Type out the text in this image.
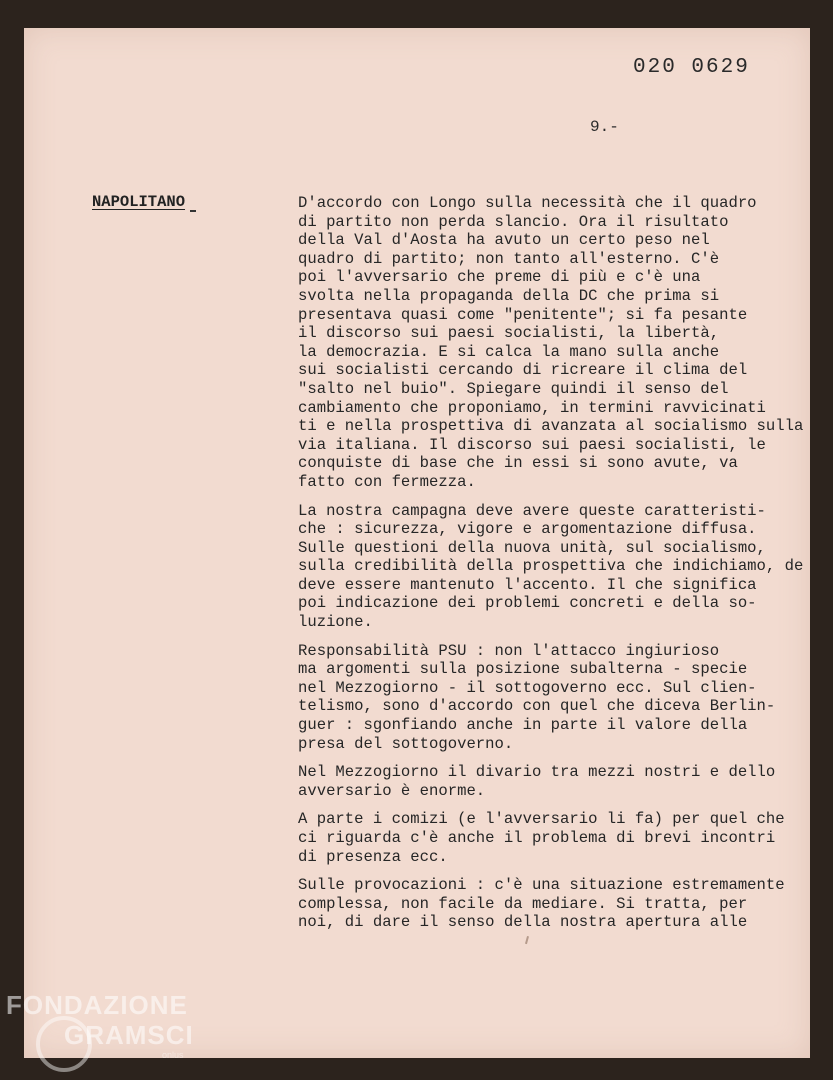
020 0629
9.-
NAPOLITANO	D'accordo con Longo sulla necessità che il quadro
di partito non perda slancio. Ora il risultato
della Val d'Aosta ha avuto un certo peso nel
quadro di partito; non tanto all'esterno. C'è
poi l'avversario che preme di più e c'è una
svolta nella propaganda della DC che prima si
presentava quasi come "penitente"; si fa pesante
il discorso sui paesi socialisti, la libertà,
la democrazia. E si calca la mano sulla anche
sui socialisti cercando di ricreare il clima del
"salto nel buio". Spiegare quindi il senso del
cambiamento che proponiamo, in termini ravvicinati
ti e nella prospettiva di avanzata al socialismo sulla
via italiana. Il discorso sui paesi socialisti, le
conquiste di base che in essi si sono avute, va
fatto con fermezza.

La nostra campagna deve avere queste caratteristi-
che : sicurezza, vigore e argomentazione diffusa.
Sulle questioni della nuova unità, sul socialismo,
sulla credibilità della prospettiva che indichiamo, de
deve essere mantenuto l'accento. Il che significa
poi indicazione dei problemi concreti e della so-
luzione.

Responsabilità PSU : non l'attacco ingiurioso
ma argomenti sulla posizione subalterna - specie
nel Mezzogiorno - il sottogoverno ecc. Sul clien-
telismo, sono d'accordo con quel che diceva Berlin-
guer : sgonfiando anche in parte il valore della
presa del sottogoverno.

Nel Mezzogiorno il divario tra mezzi nostri e dello
avversario è enorme.

A parte i comizi (e l'avversario li fa) per quel che
ci riguarda c'è anche il problema di brevi incontri
di presenza ecc.

Sulle provocazioni : c'è una situazione estremamente
complessa, non facile da mediare. Si tratta, per
noi, di dare il senso della nostra apertura alle

FONDAZIONE
GRAMSCI
onlus
